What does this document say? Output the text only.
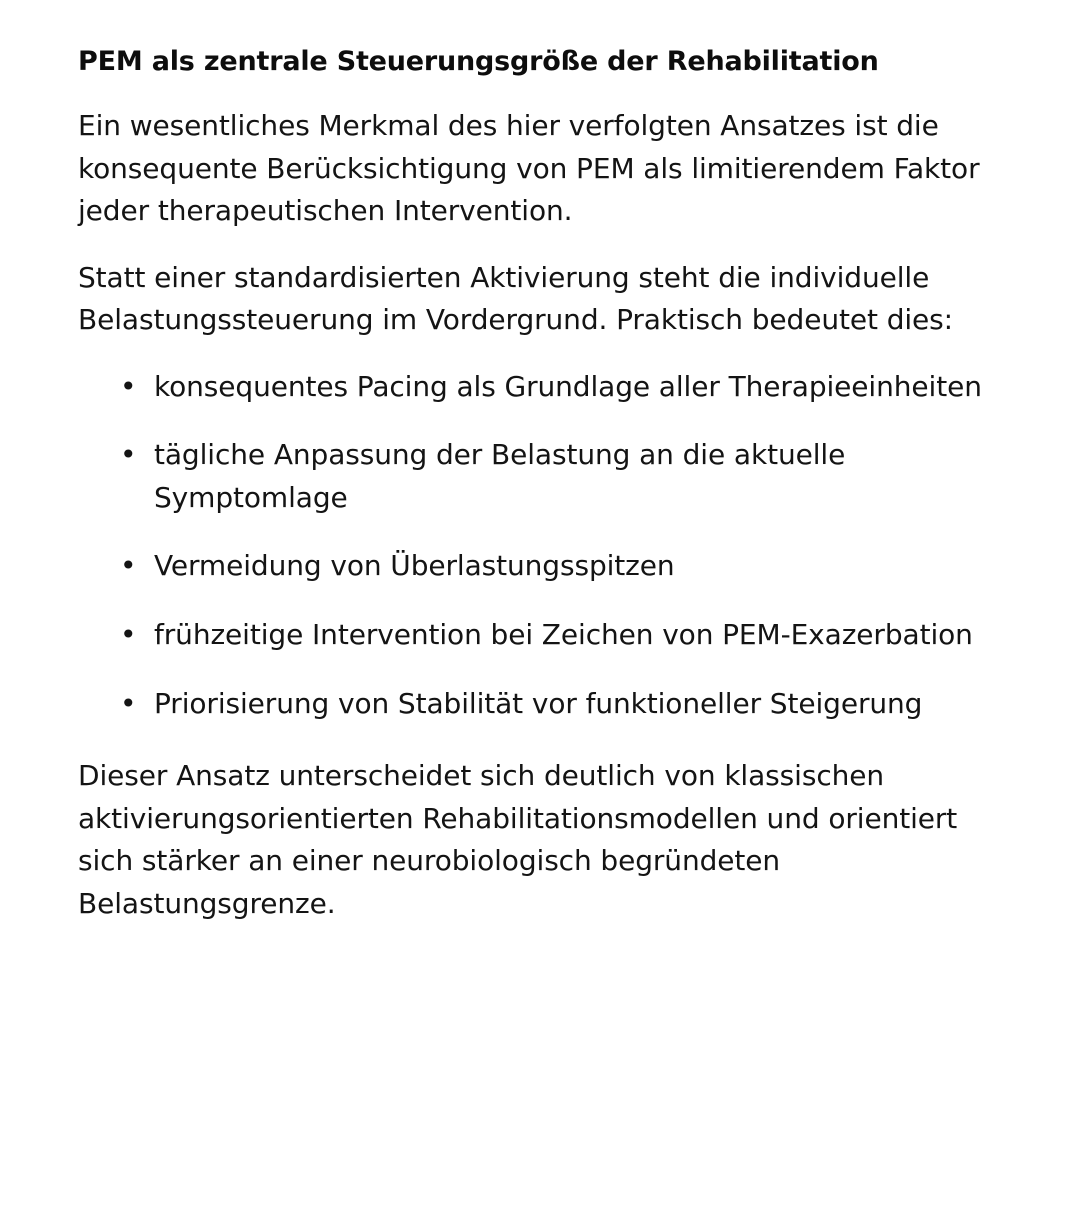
PEM als zentrale Steuerungsgröße der Rehabilitation

Ein wesentliches Merkmal des hier verfolgten Ansatzes ist die konsequente Berücksichtigung von PEM als limitierendem Faktor jeder therapeutischen Intervention.

Statt einer standardisierten Aktivierung steht die individuelle Belastungssteuerung im Vordergrund. Praktisch bedeutet dies:

• konsequentes Pacing als Grundlage aller Therapieeinheiten
• tägliche Anpassung der Belastung an die aktuelle Symptomlage
• Vermeidung von Überlastungsspitzen
• frühzeitige Intervention bei Zeichen von PEM-Exazerbation
• Priorisierung von Stabilität vor funktioneller Steigerung

Dieser Ansatz unterscheidet sich deutlich von klassischen aktivierungsorientierten Rehabilitationsmodellen und orientiert sich stärker an einer neurobiologisch begründeten Belastungsgrenze.
